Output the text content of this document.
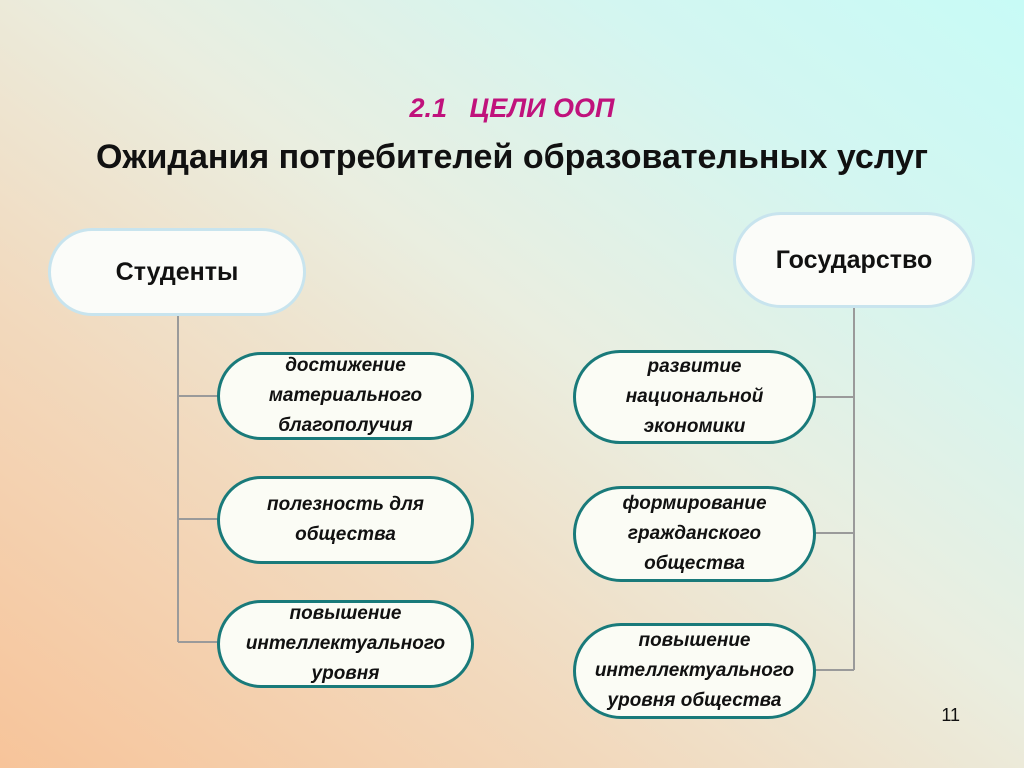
2.1   ЦЕЛИ ООП
Ожидания потребителей образовательных услуг
Студенты
достижение
материального
благополучия
полезность для
общества
повышение
интеллектуального
уровня
Государство
развитие
национальной
экономики
формирование
гражданского
общества
повышение
интеллектуального
уровня общества
11
